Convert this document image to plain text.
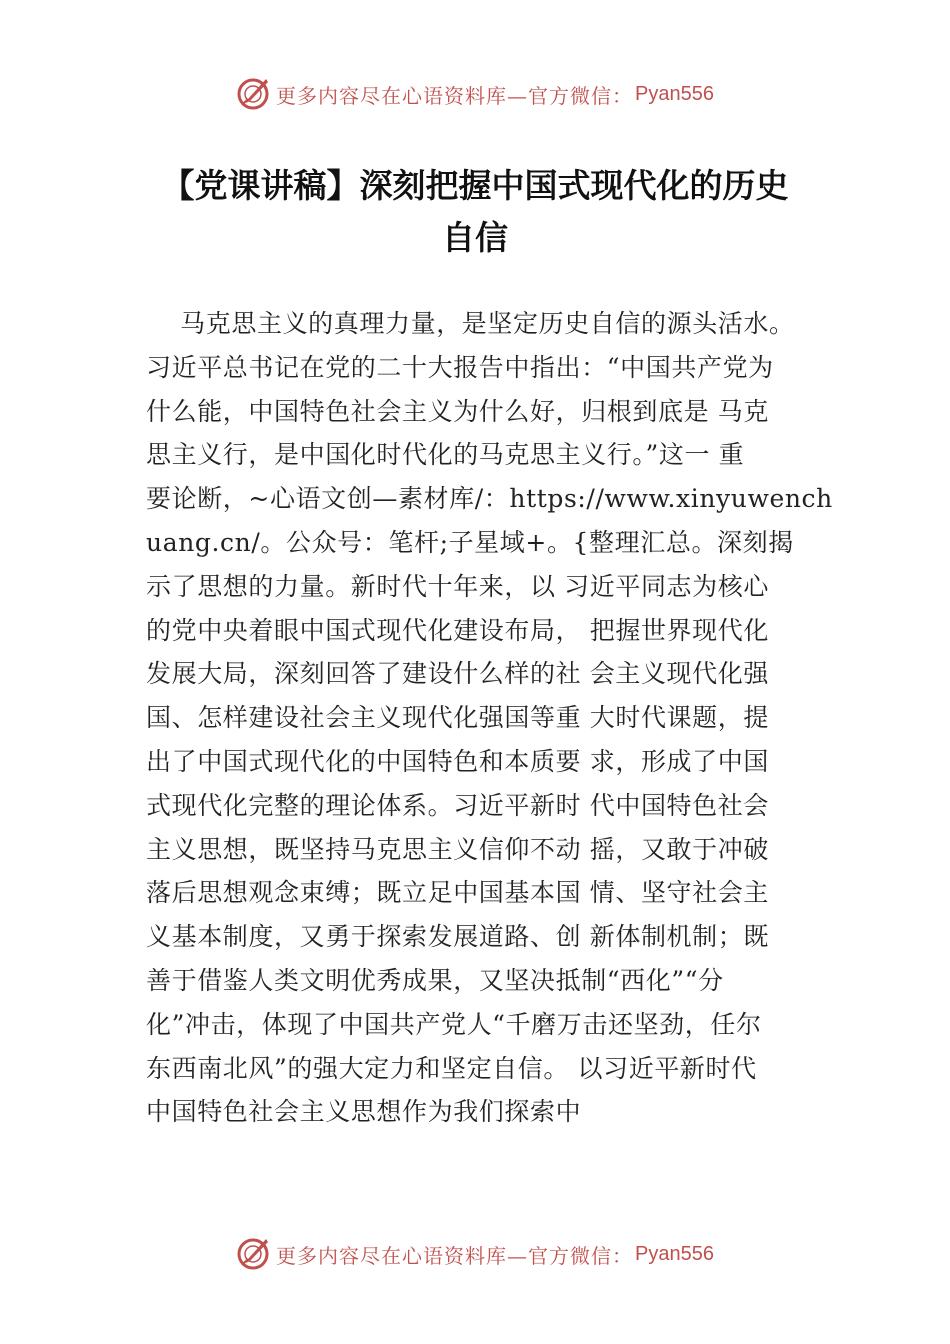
更多内容尽在心语资料库—官方微信： Pyan556
【党课讲稿】深刻把握中国式现代化的历史
自信
马克思主义的真理力量，是坚定历史自信的源头活水。
习近平总书记在党的二十大报告中指出：“中国共产党为
什么能，中国特色社会主义为什么好，归根到底是 马克
思主义行，是中国化时代化的马克思主义行。”这一 重
要论断，~心语文创—素材库/：https://www.xinyuwench
uang.cn/。公众号：笔杆;子星域+。{整理汇总。深刻揭
示了思想的力量。新时代十年来，以 习近平同志为核心
的党中央着眼中国式现代化建设布局， 把握世界现代化
发展大局，深刻回答了建设什么样的社 会主义现代化强
国、怎样建设社会主义现代化强国等重 大时代课题，提
出了中国式现代化的中国特色和本质要 求，形成了中国
式现代化完整的理论体系。习近平新时 代中国特色社会
主义思想，既坚持马克思主义信仰不动 摇，又敢于冲破
落后思想观念束缚；既立足中国基本国 情、坚守社会主
义基本制度，又勇于探索发展道路、创 新体制机制；既
善于借鉴人类文明优秀成果，又坚决抵制“西化”“分
化”冲击，体现了中国共产党人“千磨万击还坚劲，任尔
东西南北风”的强大定力和坚定自信。 以习近平新时代
中国特色社会主义思想作为我们探索中
更多内容尽在心语资料库—官方微信： Pyan556
